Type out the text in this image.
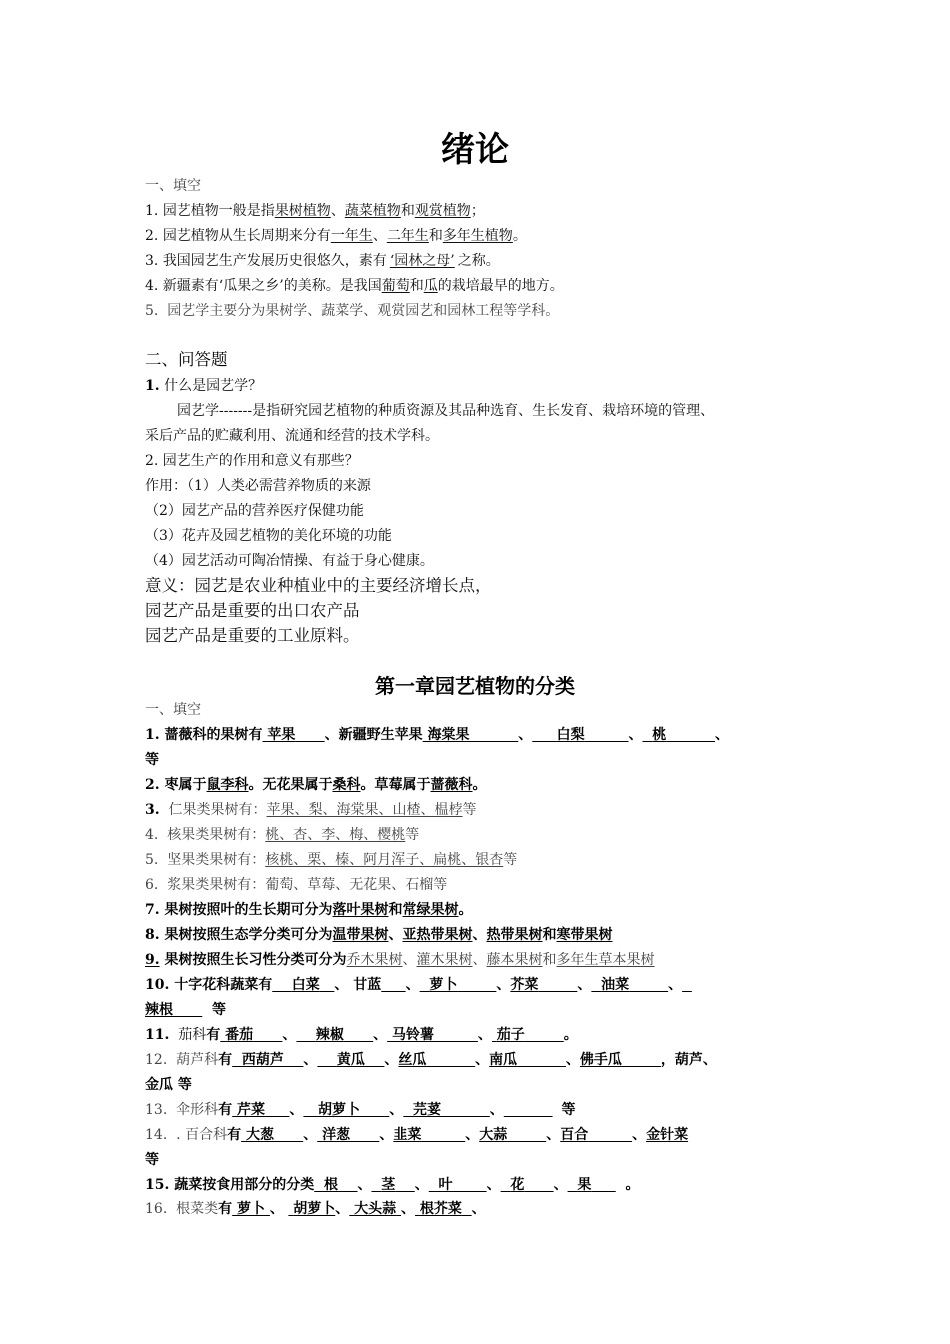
绪论
一、填空
1. 园艺植物一般是指果树植物、蔬菜植物和观赏植物；
2. 园艺植物从生长周期来分有一年生、二年生和多年生植物。
3. 我国园艺生产发展历史很悠久，素有 ‘园林之母’ 之称。
4. 新疆素有‘瓜果之乡’的美称。是我国葡萄和瓜的栽培最早的地方。
5. 园艺学主要分为果树学、蔬菜学、观赏园艺和园林工程等学科。
二、问答题
1. 什么是园艺学？
园艺学-------是指研究园艺植物的种质资源及其品种选育、生长发育、栽培环境的管理、
采后产品的贮藏利用、流通和经营的技术学科。
2. 园艺生产的作用和意义有那些？
作用：（1）人类必需营养物质的来源
（2）园艺产品的营养医疗保健功能
（3）花卉及园艺植物的美化环境的功能
（4）园艺活动可陶冶情操、有益于身心健康。
意义：园艺是农业种植业中的主要经济增长点，
园艺产品是重要的出口农产品
园艺产品是重要的工业原料。
第一章园艺植物的分类
一、填空
1. 蔷薇科的果树有 苹果 、新疆野生苹果 海棠果	、 白梨	、 桃	、
等
2. 枣属于鼠李科。无花果属于桑科。草莓属于蔷薇科。
3. 仁果类果树有：苹果、梨、海棠果、山楂、榅桲等
4. 核果类果树有：桃、杏、李、梅、樱桃等
5. 坚果类果树有：核桃、栗、榛、阿月浑子、扁桃、银杏等
6. 浆果类果树有：葡萄、草莓、无花果、石榴等
7. 果树按照叶的生长期可分为落叶果树和常绿果树。
8. 果树按照生态学分类可分为温带果树、亚热带果树、热带果树和寒带果树
9. 果树按照生长习性分类可分为乔木果树、灌木果树、藤本果树和多年生草本果树
10. 十字花科蔬菜有 白菜 、 甘蓝 、 萝卜	、芥菜	、 油菜	、
辣根	等
11. 茄科有 番茄 、 辣椒 、 马铃薯	、 茄子	。
12. 葫芦科有 西葫芦 、 黄瓜 、丝瓜	、南瓜	、佛手瓜	，葫芦、
金瓜 等
13. 伞形科有 芹菜 、 胡萝卜 、 芫荽	、	等
14. . 百合科有 大葱 、 洋葱 、韭菜	、大蒜	、百合	、金针菜
等
15. 蔬菜按食用部分的分类 根 、 茎 、 叶 、 花 、 果 。
16. 根菜类有 萝卜 、 胡萝卜、 大头蒜 、 根芥菜 、
